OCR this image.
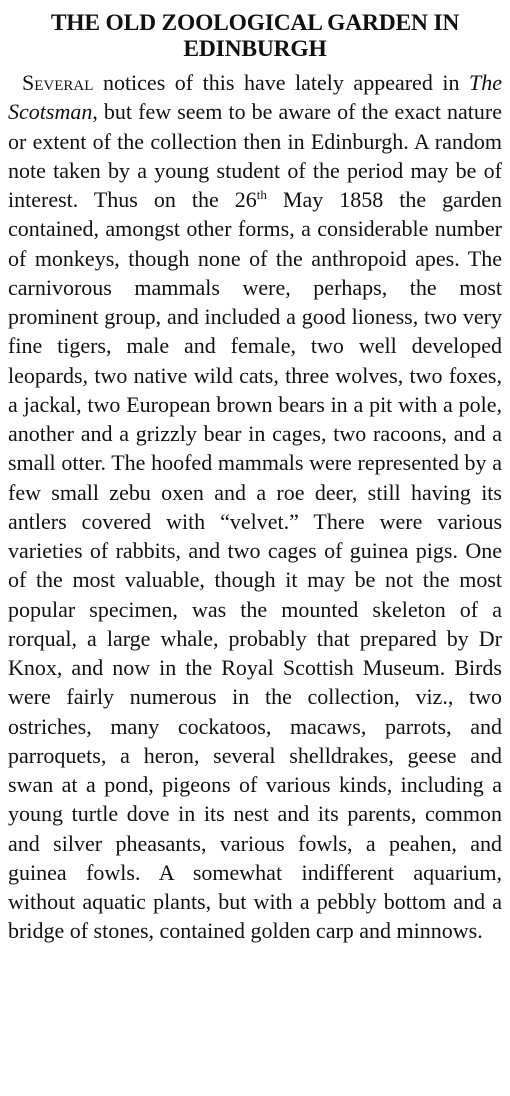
THE OLD ZOOLOGICAL GARDEN IN
EDINBURGH

Several notices of this have lately appeared in The Scotsman, but few seem to be aware of the exact nature or extent of the collection then in Edinburgh. A random note taken by a young student of the period may be of interest. Thus on the 26th May 1858 the garden contained, amongst other forms, a considerable number of monkeys, though none of the anthropoid apes. The carnivorous mammals were, perhaps, the most prominent group, and included a good lioness, two very fine tigers, male and female, two well developed leopards, two native wild cats, three wolves, two foxes, a jackal, two European brown bears in a pit with a pole, another and a grizzly bear in cages, two racoons, and a small otter. The hoofed mammals were represented by a few small zebu oxen and a roe deer, still having its antlers covered with “velvet.” There were various varieties of rabbits, and two cages of guinea pigs. One of the most valuable, though it may be not the most popular specimen, was the mounted skeleton of a rorqual, a large whale, probably that prepared by Dr Knox, and now in the Royal Scottish Museum. Birds were fairly numerous in the collection, viz., two ostriches, many cockatoos, macaws, parrots, and parroquets, a heron, several shelldrakes, geese and swan at a pond, pigeons of various kinds, including a young turtle dove in its nest and its parents, common and silver pheasants, various fowls, a peahen, and guinea fowls. A somewhat indifferent aquarium, without aquatic plants, but with a pebbly bottom and a bridge of stones, contained golden carp and minnows.
